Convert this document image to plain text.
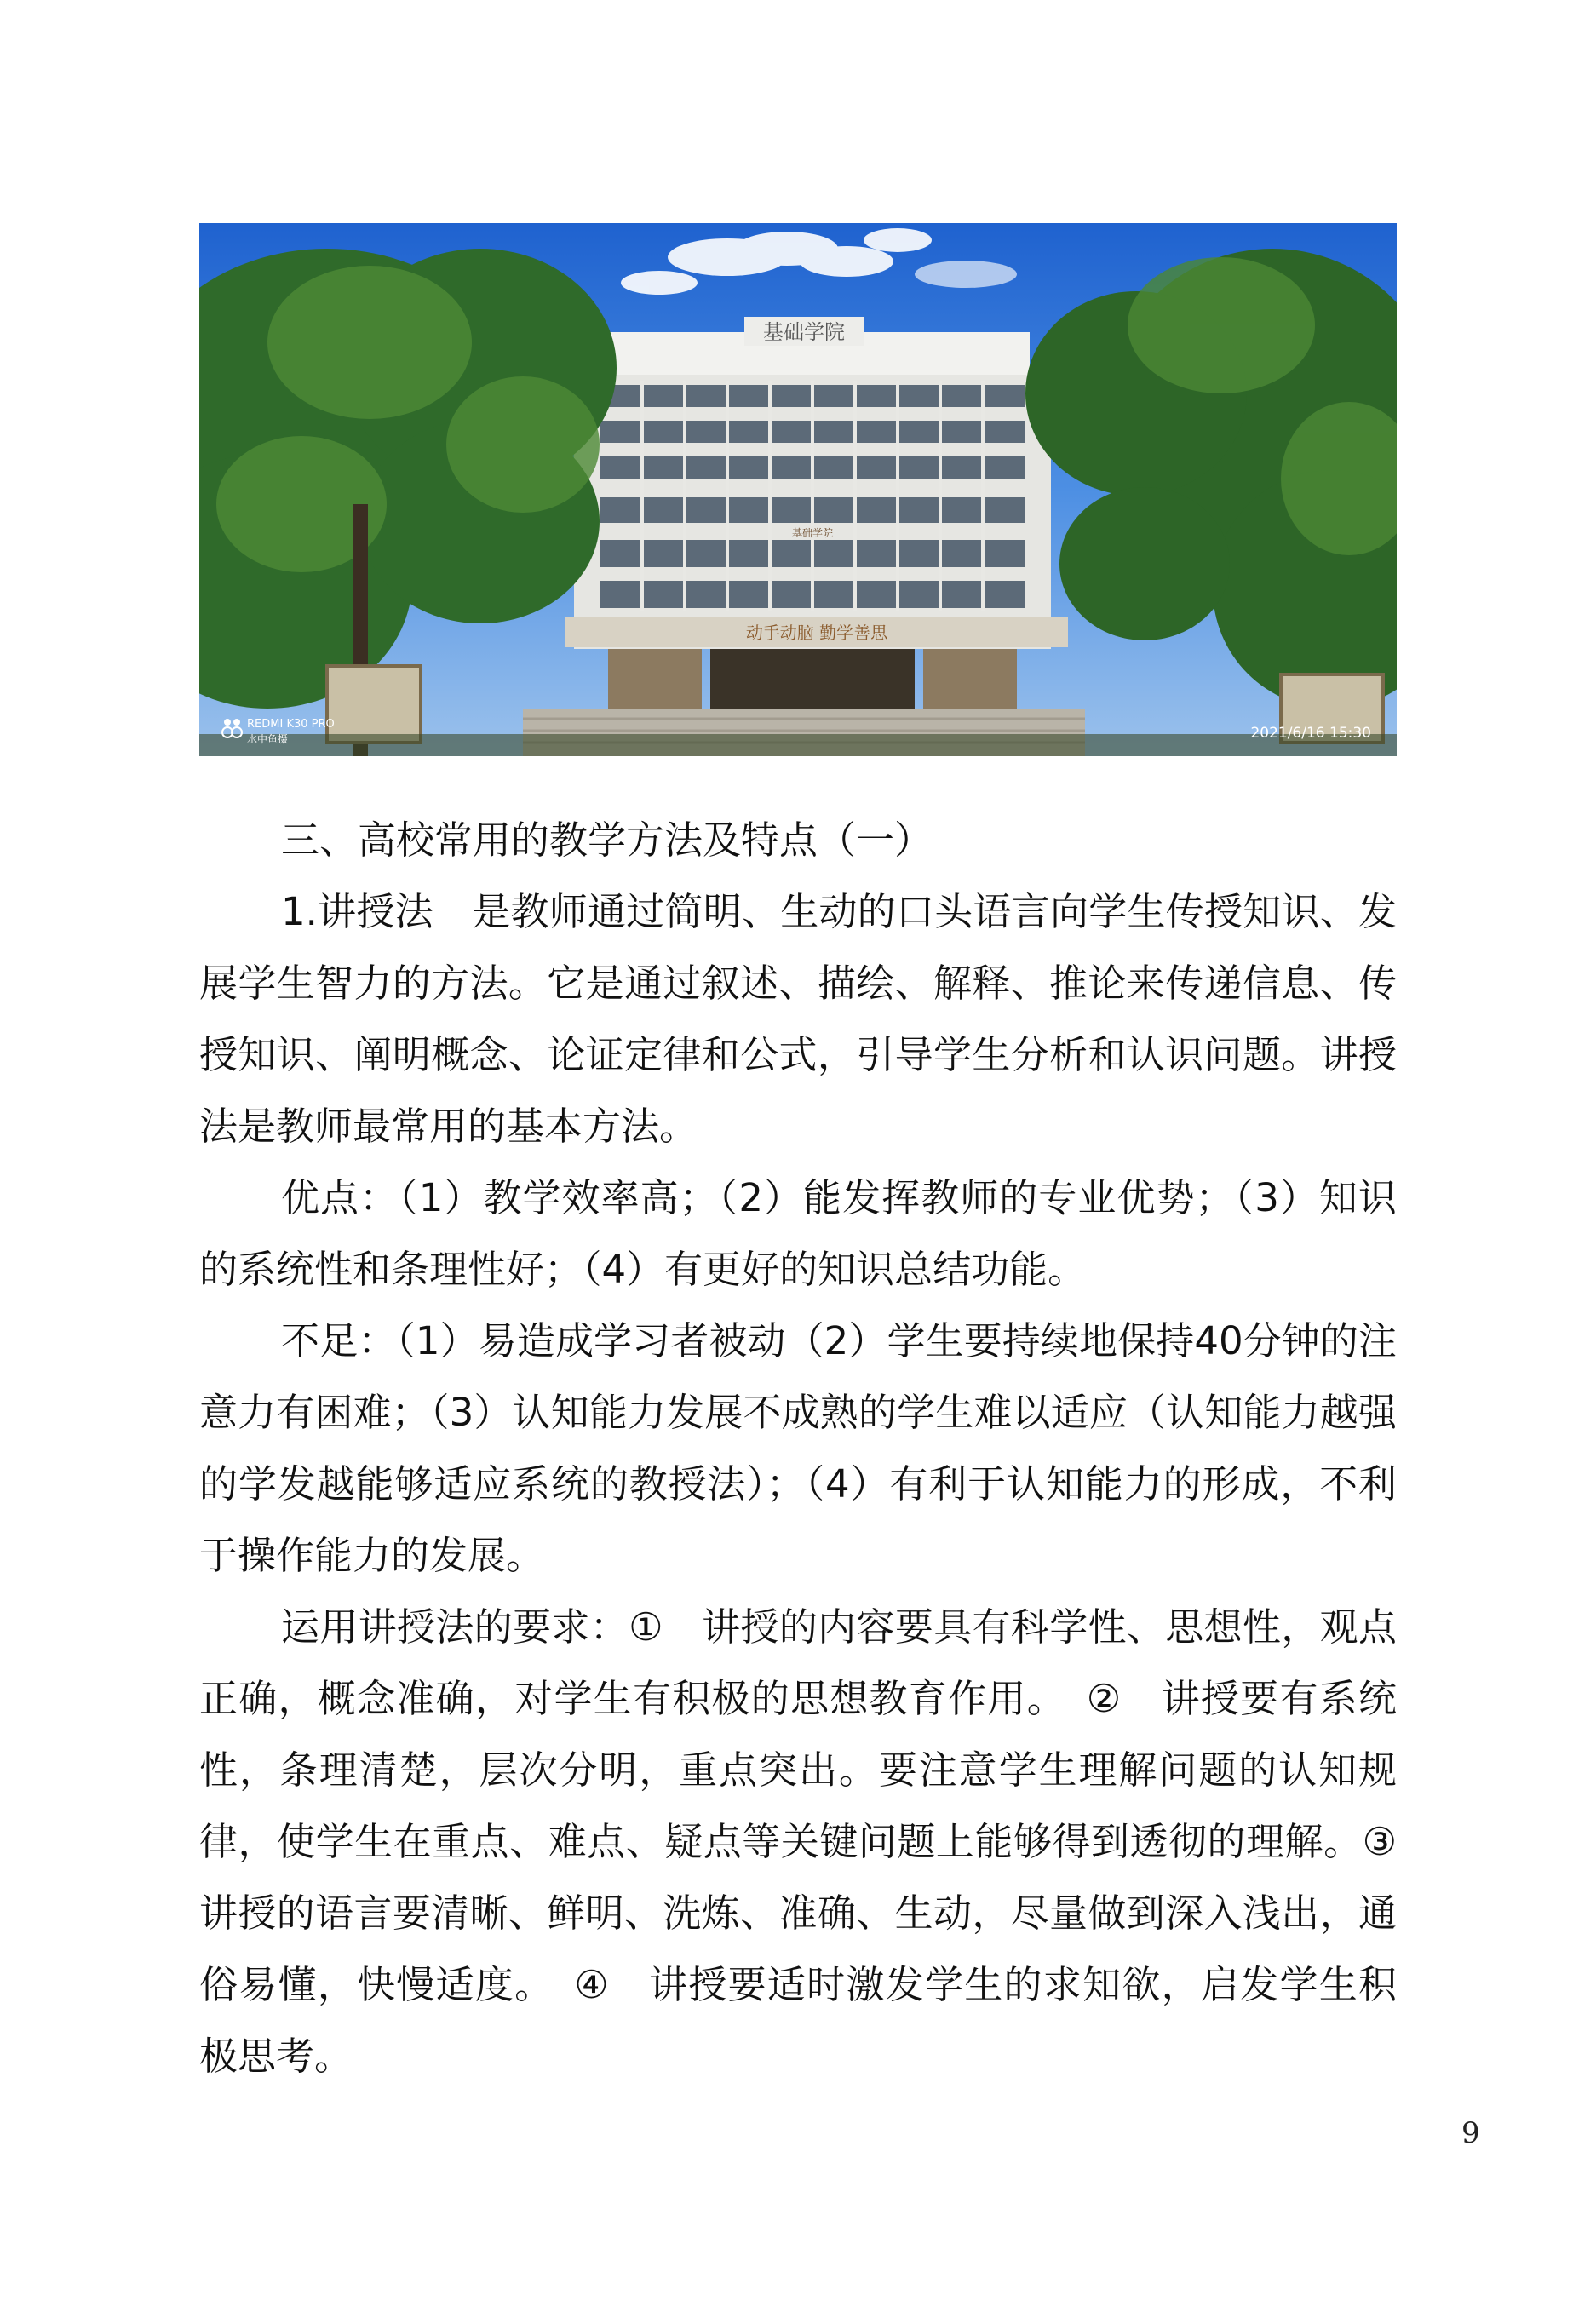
基础学院
基础学院
动手动脑 勤学善思
REDMI K30 PRO
水中鱼摄	2021/6/16 15:30

三、高校常用的教学方法及特点（一）

1.讲授法　是教师通过简明、生动的口头语言向学生传授知识、发展学生智力的方法。它是通过叙述、描绘、解释、推论来传递信息、传授知识、阐明概念、论证定律和公式，引导学生分析和认识问题。讲授法是教师最常用的基本方法。

优点：（1）教学效率高；（2）能发挥教师的专业优势；（3）知识的系统性和条理性好；（4）有更好的知识总结功能。

不足：（1）易造成学习者被动（2）学生要持续地保持40分钟的注意力有困难；（3）认知能力发展不成熟的学生难以适应（认知能力越强的学发越能够适应系统的教授法）；（4）有利于认知能力的形成，不利于操作能力的发展。

运用讲授法的要求：①　讲授的内容要具有科学性、思想性，观点正确，概念准确，对学生有积极的思想教育作用。　②　讲授要有系统性，条理清楚，层次分明，重点突出。要注意学生理解问题的认知规律，使学生在重点、难点、疑点等关键问题上能够得到透彻的理解。③　讲授的语言要清晰、鲜明、洗炼、准确、生动，尽量做到深入浅出，通俗易懂，快慢适度。　④　讲授要适时激发学生的求知欲，启发学生积极思考。

9
